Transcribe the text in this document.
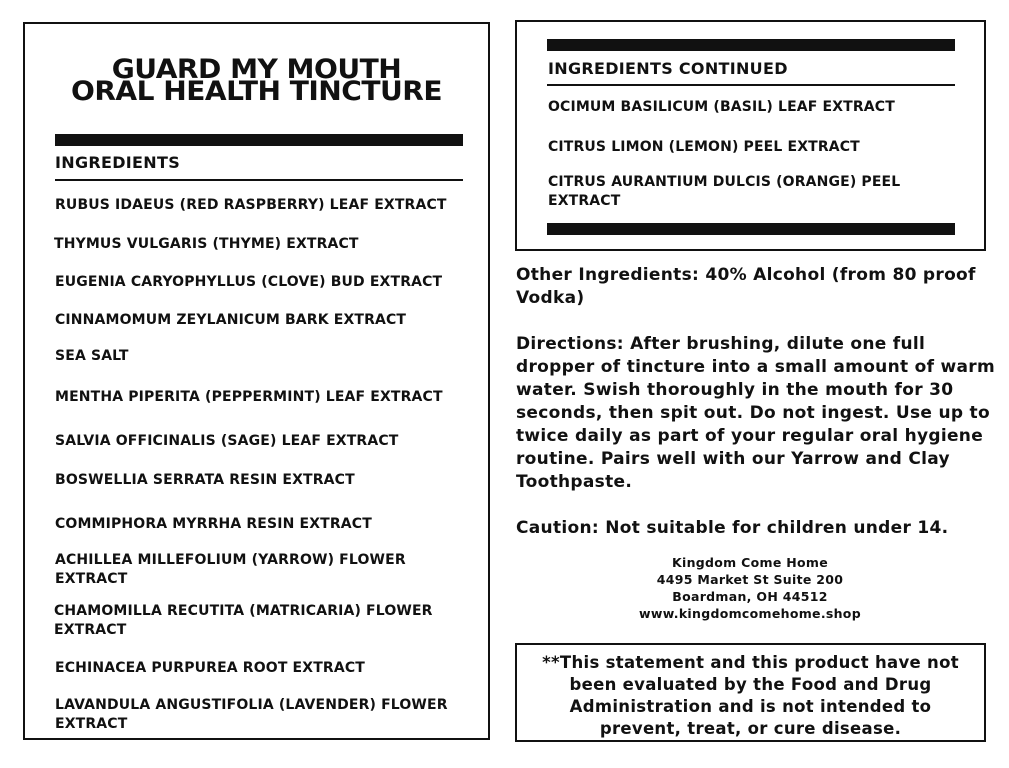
GUARD MY MOUTH
ORAL HEALTH TINCTURE
INGREDIENTS
RUBUS IDAEUS (RED RASPBERRY) LEAF EXTRACT
THYMUS VULGARIS (THYME) EXTRACT
EUGENIA CARYOPHYLLUS (CLOVE) BUD EXTRACT
CINNAMOMUM ZEYLANICUM BARK EXTRACT
SEA SALT
MENTHA PIPERITA (PEPPERMINT) LEAF EXTRACT
SALVIA OFFICINALIS (SAGE) LEAF EXTRACT
BOSWELLIA SERRATA RESIN EXTRACT
COMMIPHORA MYRRHA RESIN EXTRACT
ACHILLEA MILLEFOLIUM (YARROW) FLOWER EXTRACT
CHAMOMILLA RECUTITA (MATRICARIA) FLOWER EXTRACT
ECHINACEA PURPUREA ROOT EXTRACT
LAVANDULA ANGUSTIFOLIA (LAVENDER) FLOWER EXTRACT
INGREDIENTS CONTINUED
OCIMUM BASILICUM (BASIL) LEAF EXTRACT
CITRUS LIMON (LEMON) PEEL EXTRACT
CITRUS AURANTIUM DULCIS (ORANGE) PEEL EXTRACT
Other Ingredients: 40% Alcohol (from 80 proof Vodka)
Directions: After brushing, dilute one full dropper of tincture into a small amount of warm water. Swish thoroughly in the mouth for 30 seconds, then spit out. Do not ingest. Use up to twice daily as part of your regular oral hygiene routine. Pairs well with our Yarrow and Clay Toothpaste.
Caution: Not suitable for children under 14.
Kingdom Come Home
4495 Market St Suite 200
Boardman, OH 44512
www.kingdomcomehome.shop
**This statement and this product have not been evaluated by the Food and Drug Administration and is not intended to prevent, treat, or cure disease.
